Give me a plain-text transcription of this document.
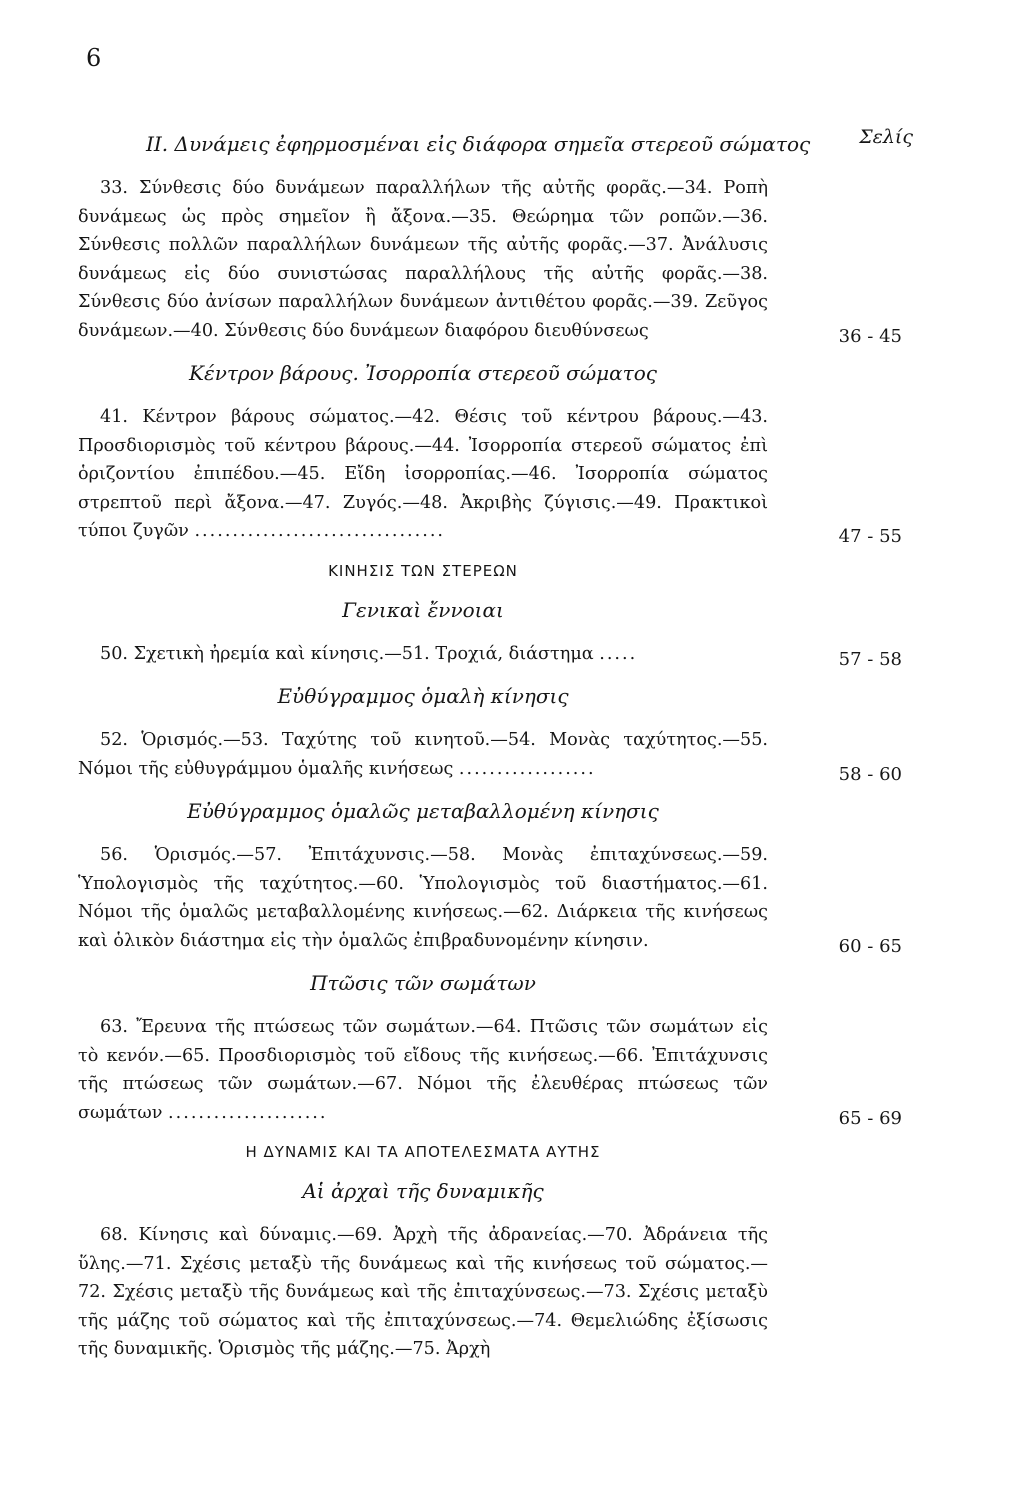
6
Σελίς
II. Δυνάμεις ἐφηρμοσμέναι εἰς διάφορα σημεῖα στερεοῦ σώματος
33. Σύνθεσις δύο δυνάμεων παραλλήλων τῆς αὐτῆς φορᾶς.—34. Ροπὴ δυνάμεως ὡς πρὸς σημεῖον ἢ ἄξονα.—35. Θεώρημα τῶν ροπῶν.—36. Σύνθεσις πολλῶν παραλλήλων δυνάμεων τῆς αὐτῆς φορᾶς.—37. Ἀνάλυσις δυνάμεως εἰς δύο συνιστώσας παραλλήλους τῆς αὐτῆς φορᾶς.—38. Σύνθεσις δύο ἀνίσων παραλλήλων δυνάμεων ἀντιθέτου φορᾶς.—39. Ζεῦγος δυνάμεων.—40. Σύνθεσις δύο δυνάμεων διαφόρου διευθύνσεως	36 - 45
Κέντρον βάρους. Ἰσορροπία στερεοῦ σώματος
41. Κέντρον βάρους σώματος.—42. Θέσις τοῦ κέντρου βάρους.—43. Προσδιορισμὸς τοῦ κέντρου βάρους.—44. Ἰσορροπία στερεοῦ σώματος ἐπὶ ὁριζοντίου ἐπιπέδου.—45. Εἴδη ἰσορροπίας.—46. Ἰσορροπία σώματος στρεπτοῦ περὶ ἄξονα.—47. Ζυγός.—48. Ἀκριβὴς ζύγισις.—49. Πρακτικοὶ τύποι ζυγῶν .................................	47 - 55
ΚΙΝΗΣΙΣ ΤΩΝ ΣΤΕΡΕΩΝ
Γενικαὶ ἔννοιαι
50. Σχετικὴ ἠρεμία καὶ κίνησις.—51. Τροχιά, διάστημα .....	57 - 58
Εὐθύγραμμος ὁμαλὴ κίνησις
52. Ὁρισμός.—53. Ταχύτης τοῦ κινητοῦ.—54. Μονὰς ταχύτητος.—55. Νόμοι τῆς εὐθυγράμμου ὁμαλῆς κινήσεως ..................	58 - 60
Εὐθύγραμμος ὁμαλῶς μεταβαλλομένη κίνησις
56. Ὁρισμός.—57. Ἐπιτάχυνσις.—58. Μονὰς ἐπιταχύνσεως.—59. Ὑπολογισμὸς τῆς ταχύτητος.—60. Ὑπολογισμὸς τοῦ διαστήματος.—61. Νόμοι τῆς ὁμαλῶς μεταβαλλομένης κινήσεως.—62. Διάρκεια τῆς κινήσεως καὶ ὁλικὸν διάστημα εἰς τὴν ὁμαλῶς ἐπιβραδυνομένην κίνησιν.	60 - 65
Πτῶσις τῶν σωμάτων
63. Ἔρευνα τῆς πτώσεως τῶν σωμάτων.—64. Πτῶσις τῶν σωμάτων εἰς τὸ κενόν.—65. Προσδιορισμὸς τοῦ εἴδους τῆς κινήσεως.—66. Ἐπιτάχυνσις τῆς πτώσεως τῶν σωμάτων.—67. Νόμοι τῆς ἐλευθέρας πτώσεως τῶν σωμάτων .....................	65 - 69
Η ΔΥΝΑΜΙΣ ΚΑΙ ΤΑ ΑΠΟΤΕΛΕΣΜΑΤΑ ΑΥΤΗΣ
Αἱ ἀρχαὶ τῆς δυναμικῆς
68. Κίνησις καὶ δύναμις.—69. Ἀρχὴ τῆς ἀδρανείας.—70. Ἀδράνεια τῆς ὕλης.—71. Σχέσις μεταξὺ τῆς δυνάμεως καὶ τῆς κινήσεως τοῦ σώματος.—72. Σχέσις μεταξὺ τῆς δυνάμεως καὶ τῆς ἐπιταχύνσεως.—73. Σχέσις μεταξὺ τῆς μάζης τοῦ σώματος καὶ τῆς ἐπιταχύνσεως.—74. Θεμελιώδης ἐξίσωσις τῆς δυναμικῆς. Ὁρισμὸς τῆς μάζης.—75. Ἀρχὴ
